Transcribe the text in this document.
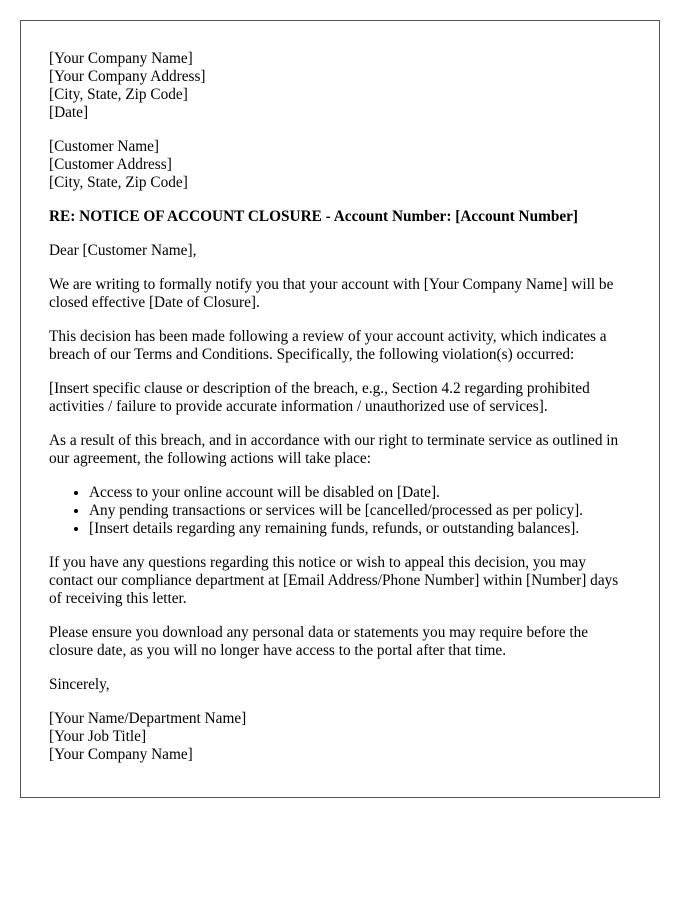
[Your Company Name]
[Your Company Address]
[City, State, Zip Code]
[Date]
[Customer Name]
[Customer Address]
[City, State, Zip Code]
RE: NOTICE OF ACCOUNT CLOSURE - Account Number: [Account Number]

Dear [Customer Name],

We are writing to formally notify you that your account with [Your Company Name] will be closed effective [Date of Closure].

This decision has been made following a review of your account activity, which indicates a breach of our Terms and Conditions. Specifically, the following violation(s) occurred:

[Insert specific clause or description of the breach, e.g., Section 4.2 regarding prohibited activities / failure to provide accurate information / unauthorized use of services].

As a result of this breach, and in accordance with our right to terminate service as outlined in our agreement, the following actions will take place:

• Access to your online account will be disabled on [Date].
• Any pending transactions or services will be [cancelled/processed as per policy].
• [Insert details regarding any remaining funds, refunds, or outstanding balances].

If you have any questions regarding this notice or wish to appeal this decision, you may contact our compliance department at [Email Address/Phone Number] within [Number] days of receiving this letter.

Please ensure you download any personal data or statements you may require before the closure date, as you will no longer have access to the portal after that time.

Sincerely,

[Your Name/Department Name]
[Your Job Title]
[Your Company Name]
